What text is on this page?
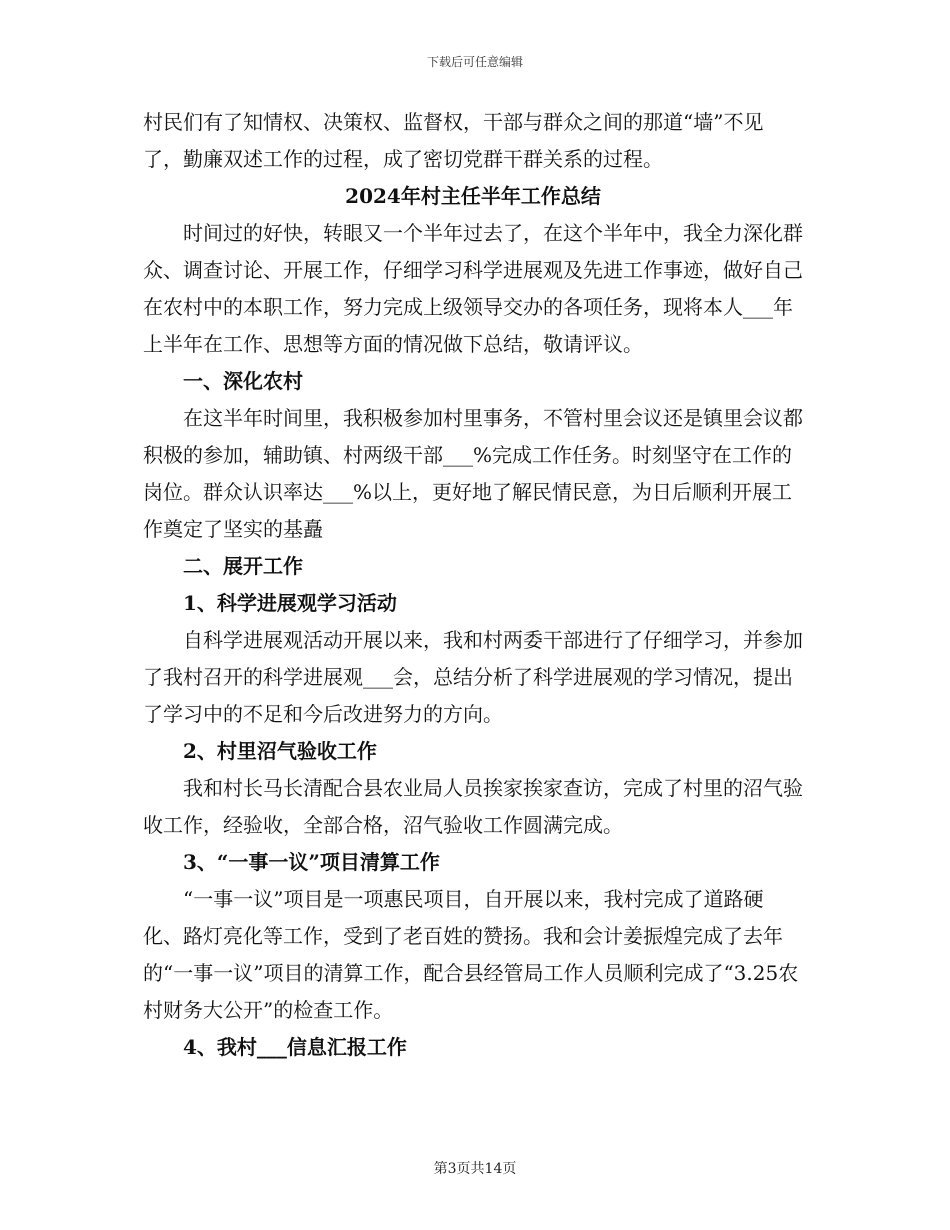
下载后可任意编辑

村民们有了知情权、决策权、监督权，干部与群众之间的那道“墙”不见了，勤廉双述工作的过程，成了密切党群干群关系的过程。

2024年村主任半年工作总结

时间过的好快，转眼又一个半年过去了，在这个半年中，我全力深化群众、调查讨论、开展工作，仔细学习科学进展观及先进工作事迹，做好自己在农村中的本职工作，努力完成上级领导交办的各项任务，现将本人___年上半年在工作、思想等方面的情况做下总结，敬请评议。

一、深化农村

在这半年时间里，我积极参加村里事务，不管村里会议还是镇里会议都积极的参加，辅助镇、村两级干部___%完成工作任务。时刻坚守在工作的岗位。群众认识率达___%以上，更好地了解民情民意，为日后顺利开展工作奠定了坚实的基矗

二、展开工作

1、科学进展观学习活动

自科学进展观活动开展以来，我和村两委干部进行了仔细学习，并参加了我村召开的科学进展观___会，总结分析了科学进展观的学习情况，提出了学习中的不足和今后改进努力的方向。

2、村里沼气验收工作

我和村长马长清配合县农业局人员挨家挨家查访，完成了村里的沼气验收工作，经验收，全部合格，沼气验收工作圆满完成。

3、“一事一议”项目清算工作

“一事一议”项目是一项惠民项目，自开展以来，我村完成了道路硬化、路灯亮化等工作，受到了老百姓的赞扬。我和会计姜振煌完成了去年的“一事一议”项目的清算工作，配合县经管局工作人员顺利完成了“3.25农村财务大公开”的检查工作。

4、我村___信息汇报工作

第3页共14页
